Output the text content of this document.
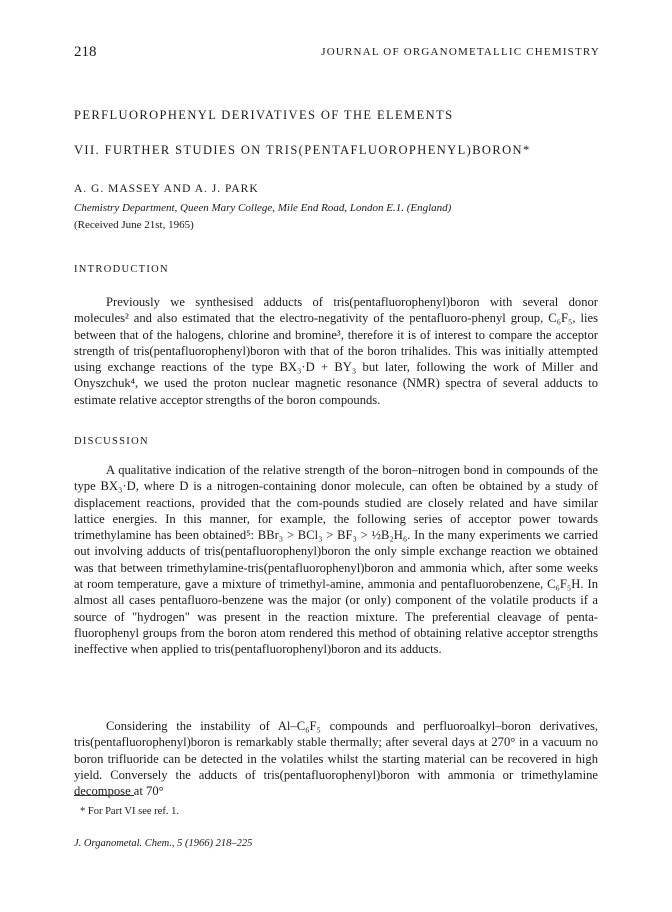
218	JOURNAL OF ORGANOMETALLIC CHEMISTRY
PERFLUOROPHENYL DERIVATIVES OF THE ELEMENTS
VII. FURTHER STUDIES ON TRIS(PENTAFLUOROPHENYL)BORON*
A. G. MASSEY AND A. J. PARK
Chemistry Department, Queen Mary College, Mile End Road, London E.1. (England)
(Received June 21st, 1965)
INTRODUCTION

Previously we synthesised adducts of tris(pentafluorophenyl)boron with several donor molecules² and also estimated that the electro-negativity of the pentafluoro-phenyl group, C₆F₅, lies between that of the halogens, chlorine and bromine³, therefore it is of interest to compare the acceptor strength of tris(pentafluorophenyl)boron with that of the boron trihalides. This was initially attempted using exchange reactions of the type BX₃·D + BY₃ but later, following the work of Miller and Onyszchuk⁴, we used the proton nuclear magnetic resonance (NMR) spectra of several adducts to estimate relative acceptor strengths of the boron compounds.

DISCUSSION

A qualitative indication of the relative strength of the boron–nitrogen bond in compounds of the type BX₃·D, where D is a nitrogen-containing donor molecule, can often be obtained by a study of displacement reactions, provided that the com-pounds studied are closely related and have similar lattice energies. In this manner, for example, the following series of acceptor power towards trimethylamine has been obtained⁵: BBr₃ > BCl₃ > BF₃ > ½B₂H₆. In the many experiments we carried out involving adducts of tris(pentafluorophenyl)boron the only simple exchange reaction we obtained was that between trimethylamine-tris(pentafluorophenyl)boron and ammonia which, after some weeks at room temperature, gave a mixture of trimethyl-amine, ammonia and pentafluorobenzene, C₆F₅H. In almost all cases pentafluoro-benzene was the major (or only) component of the volatile products if a source of "hydrogen" was present in the reaction mixture. The preferential cleavage of penta-fluorophenyl groups from the boron atom rendered this method of obtaining relative acceptor strengths ineffective when applied to tris(pentafluorophenyl)boron and its adducts.

Considering the instability of Al–C₆F₅ compounds and perfluoroalkyl–boron derivatives, tris(pentafluorophenyl)boron is remarkably stable thermally; after several days at 270° in a vacuum no boron trifluoride can be detected in the volatiles whilst the starting material can be recovered in high yield. Conversely the adducts of tris(pentafluorophenyl)boron with ammonia or trimethylamine decompose at 70°

* For Part VI see ref. 1.
J. Organometal. Chem., 5 (1966) 218–225
